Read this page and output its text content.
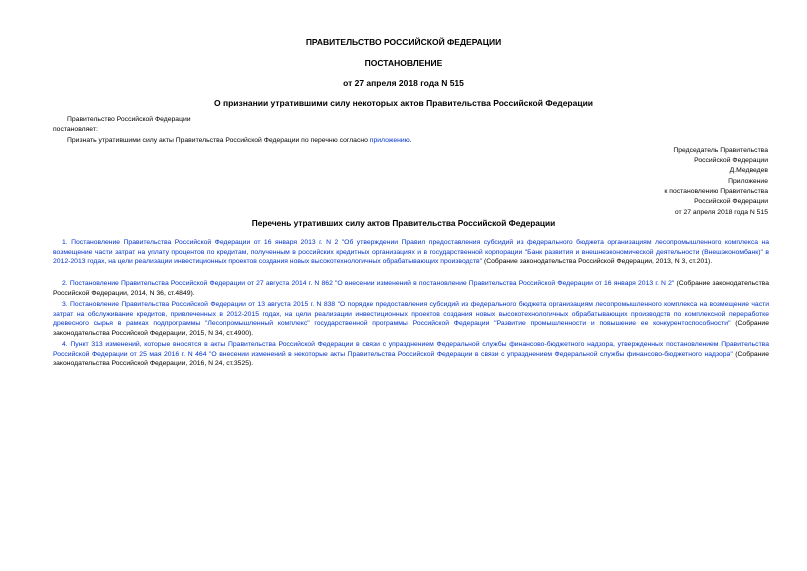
ПРАВИТЕЛЬСТВО РОССИЙСКОЙ ФЕДЕРАЦИИ
ПОСТАНОВЛЕНИЕ
от 27 апреля 2018 года N 515
О признании утратившими силу некоторых актов Правительства Российской Федерации
Правительство Российской Федерации
постановляет:
Признать утратившими силу акты Правительства Российской Федерации по перечню согласно приложению.
Председатель Правительства
Российской Федерации
Д.Медведев
Приложение
к постановлению Правительства
Российской Федерации
от 27 апреля 2018 года N 515
Перечень утративших силу актов Правительства Российской Федерации
1. Постановление Правительства Российской Федерации от 16 января 2013 г. N 2 "Об утверждении Правил предоставления субсидий из федерального бюджета организациям лесопромышленного комплекса на возмещение части затрат на уплату процентов по кредитам, полученным в российских кредитных организациях и в государственной корпорации "Банк развития и внешнеэкономической деятельности (Внешэкономбанк)" в 2012-2013 годах, на цели реализации инвестиционных проектов создания новых высокотехнологичных обрабатывающих производств" (Собрание законодательства Российской Федерации, 2013, N 3, ст.201).
2. Постановление Правительства Российской Федерации от 27 августа 2014 г. N 862 "О внесении изменений в постановление Правительства Российской Федерации от 16 января 2013 г. N 2" (Собрание законодательства Российской Федерации, 2014, N 36, ст.4849).
3. Постановление Правительства Российской Федерации от 13 августа 2015 г. N 838 "О порядке предоставления субсидий из федерального бюджета организациям лесопромышленного комплекса на возмещение части затрат на обслуживание кредитов, привлеченных в 2012-2015 годах, на цели реализации инвестиционных проектов создания новых высокотехнологичных обрабатывающих производств по комплексной переработке древесного сырья в рамках подпрограммы "Лесопромышленный комплекс" государственной программы Российской Федерации "Развитие промышленности и повышение ее конкурентоспособности" (Собрание законодательства Российской Федерации, 2015, N 34, ст.4900).
4. Пункт 313 изменений, которые вносятся в акты Правительства Российской Федерации в связи с упразднением Федеральной службы финансово-бюджетного надзора, утвержденных постановлением Правительства Российской Федерации от 25 мая 2016 г. N 464 "О внесении изменений в некоторые акты Правительства Российской Федерации в связи с упразднением Федеральной службы финансово-бюджетного надзора" (Собрание законодательства Российской Федерации, 2016, N 24, ст.3525).
